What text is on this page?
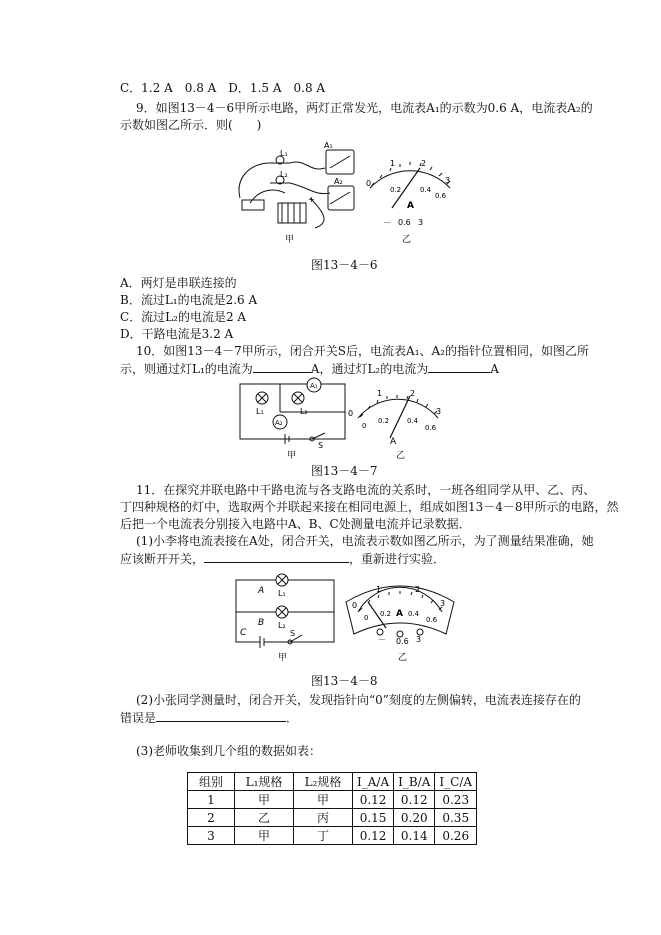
C．1.2 A　0.8 A　D．1.5 A　0.8 A
9．如图13－4－6甲所示电路，两灯正常发光，电流表A₁的示数为0.6 A，电流表A₂的
示数如图乙所示．则(　　)
A₁
A₂
L₁
L₂
+
甲
0
1	2
3
0.2	0.4
0.6
A
－ 0.6 3
乙
图13－4－6
A．两灯是串联连接的
B．流过L₁的电流是2.6 A
C．流过L₂的电流是2 A
D．干路电流是3.2 A
10．如图13－4－7甲所示，闭合开关S后，电流表A₁、A₂的指针位置相同，如图乙所
示，则通过灯L₁的电流为	A，通过灯L₂的电流为	A
A₁
A₂
L₁	L₂
S
甲
0
1	2
3
0
0.2	0.4
0.6
A
乙
图13－4－7
11．在探究并联电路中干路电流与各支路电流的关系时，一班各组同学从甲、乙、丙、
丁四种规格的灯中，选取两个并联起来接在相同电源上，组成如图13－4－8甲所示的电路，然
后把一个电流表分别接入电路中A、B、C处测量电流并记录数据．
(1)小李将电流表接在A处，闭合开关，电流表示数如图乙所示，为了测量结果准确，她
应该断开开关，	，重新进行实验．
A
B
C
L₁
L₂
S
甲
0
1	2
3
0 0.2 0.4
0.6
A
－ 0.6 3
乙
图13－4－8
(2)小张同学测量时，闭合开关，发现指针向“0”刻度的左侧偏转，电流表连接存在的
错误是	．
(3)老师收集到几个组的数据如表：
组别	L₁规格	L₂规格	I_A/A	I_B/A	I_C/A
1	甲	甲	0.12	0.12	0.23
2	乙	丙	0.15	0.20	0.35
3	甲	丁	0.12	0.14	0.26
